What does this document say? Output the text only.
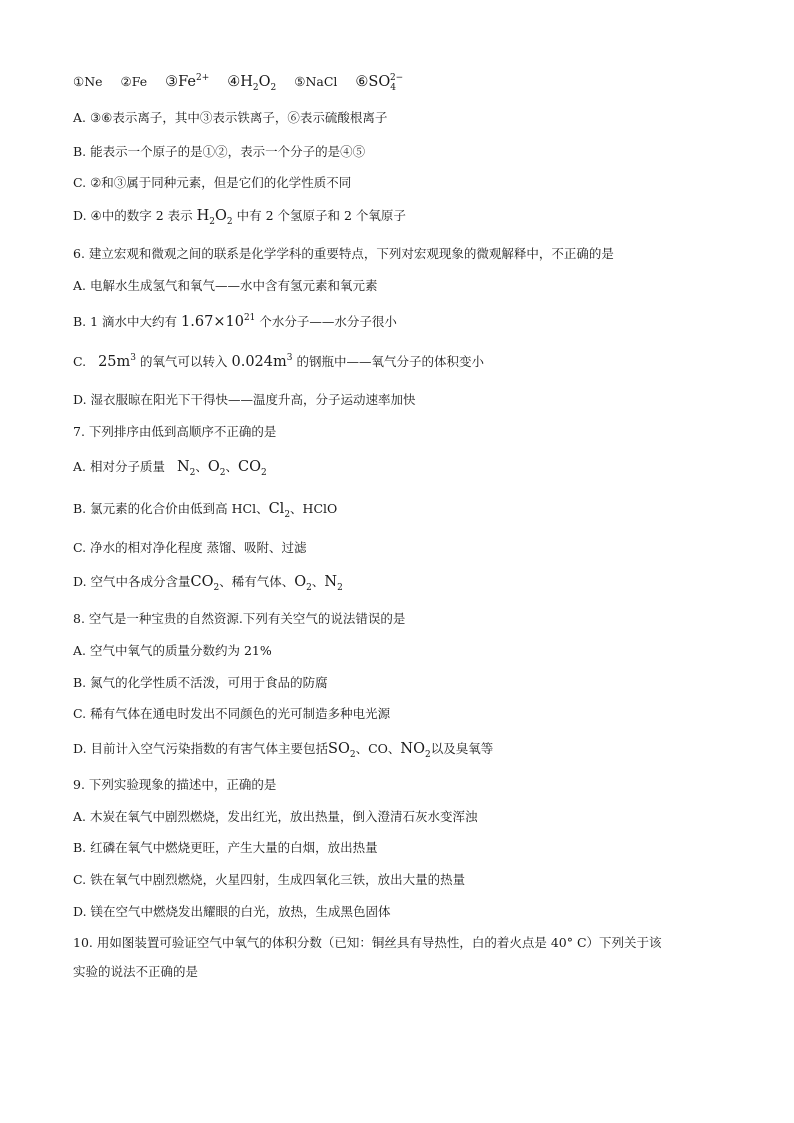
①Ne ②Fe $③Fe^{2+}$ $④H_2O_2$ ⑤NaCl $⑥SO_4^{2-}$
A. ③⑥表示离子，其中③表示铁离子，⑥表示硫酸根离子
B. 能表示一个原子的是①②，表示一个分子的是④⑤
C. ②和③属于同种元素，但是它们的化学性质不同
D. ④中的数字 2 表示 $H_2O_2$ 中有 2 个氢原子和 2 个氧原子
6. 建立宏观和微观之间的联系是化学学科的重要特点，下列对宏观现象的微观解释中，不正确的是
A. 电解水生成氢气和氧气——水中含有氢元素和氧元素
B. 1 滴水中大约有 $1.67\times 10^{21}$ 个水分子——水分子很小
C. $25m^3$ 的氧气可以转入 $0.024m^3$ 的钢瓶中——氧气分子的体积变小
D. 湿衣服晾在阳光下干得快——温度升高，分子运动速率加快
7. 下列排序由低到高顺序不正确的是
A. 相对分子质量 $N_2$、$O_2$、$CO_2$
B. 氯元素的化合价由低到高 HCl、$Cl_2$、HClO
C. 净水的相对净化程度 蒸馏、吸附、过滤
D. 空气中各成分含量$CO_2$、稀有气体、$O_2$、$N_2$
8. 空气是一种宝贵的自然资源.下列有关空气的说法错误的是
A. 空气中氧气的质量分数约为 21%
B. 氮气的化学性质不活泼，可用于食品的防腐
C. 稀有气体在通电时发出不同颜色的光可制造多种电光源
D. 目前计入空气污染指数的有害气体主要包括$SO_2$、CO、$NO_2$以及臭氧等
9. 下列实验现象的描述中，正确的是
A. 木炭在氧气中剧烈燃烧，发出红光，放出热量，倒入澄清石灰水变浑浊
B. 红磷在氧气中燃烧更旺，产生大量的白烟，放出热量
C. 铁在氧气中剧烈燃烧，火星四射，生成四氧化三铁，放出大量的热量
D. 镁在空气中燃烧发出耀眼的白光，放热，生成黑色固体
10. 用如图装置可验证空气中氧气的体积分数（已知：铜丝具有导热性，白的着火点是 40° C）下列关于该
实验的说法不正确的是
